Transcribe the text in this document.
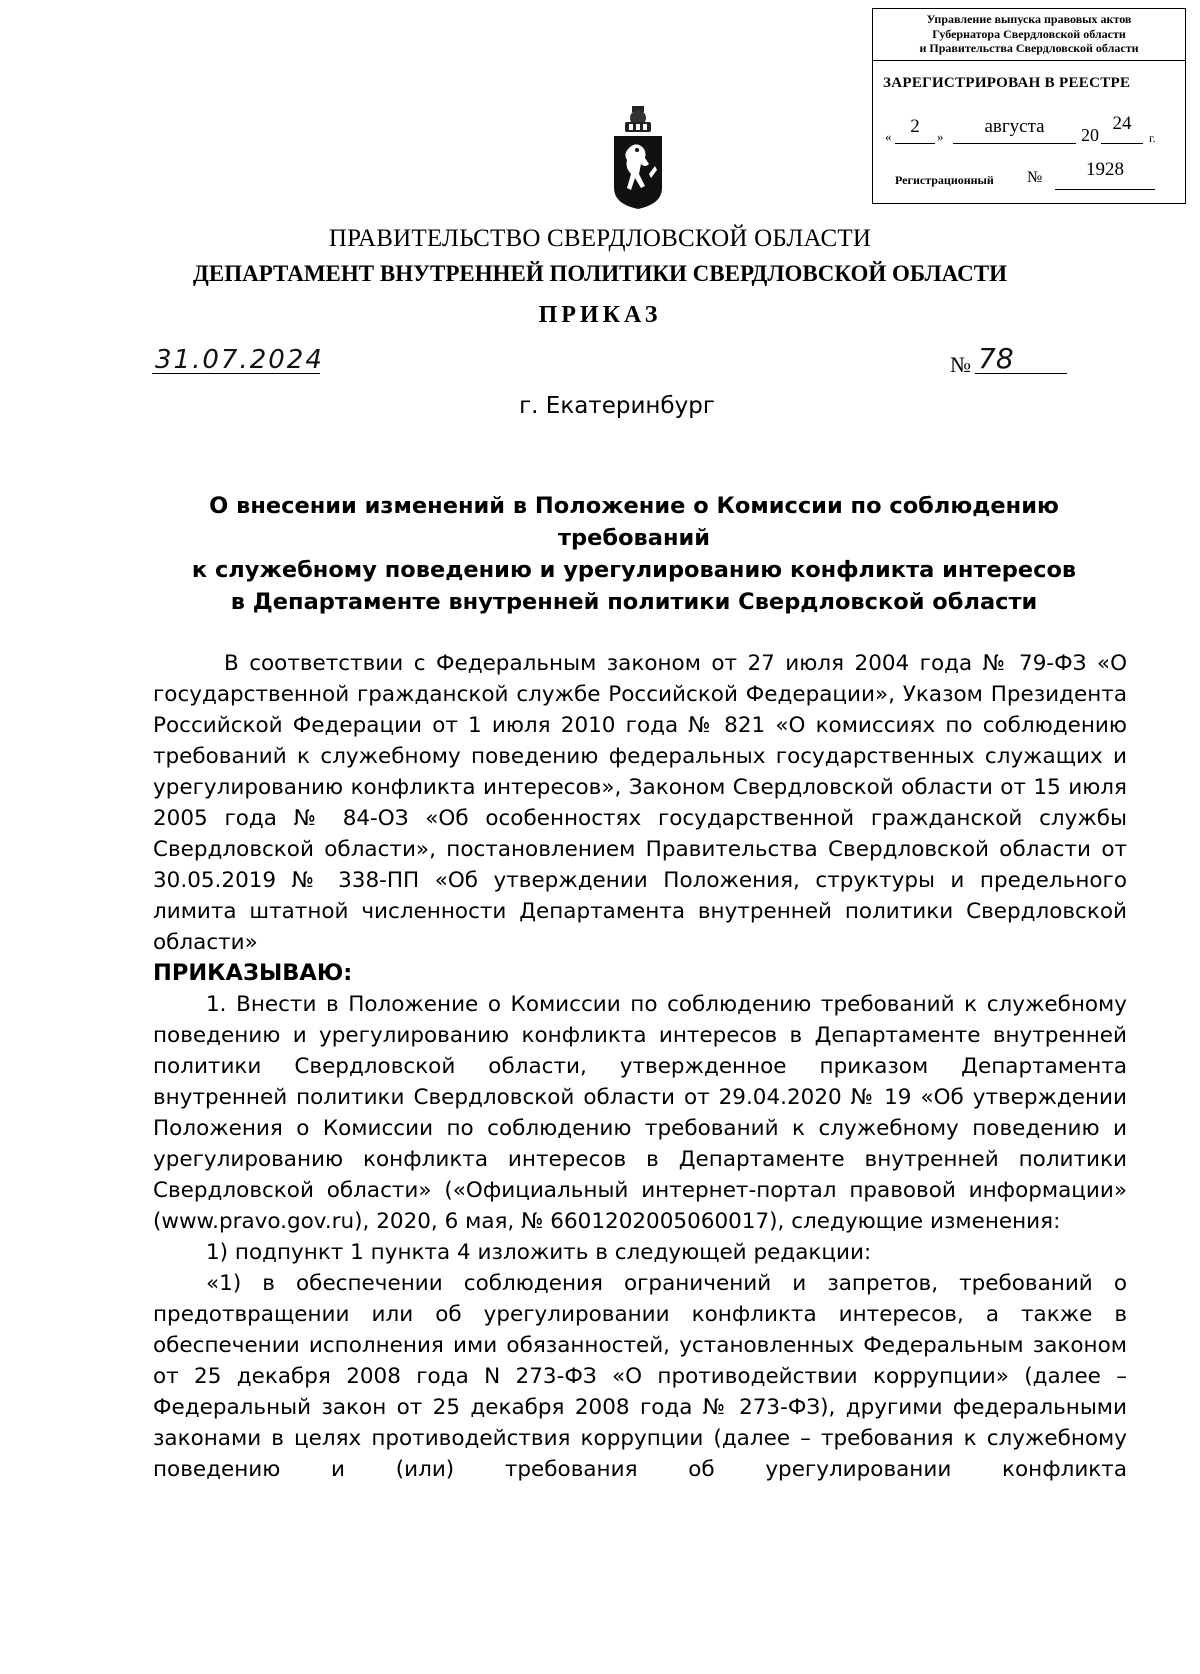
Управление выпуска правовых актов
Губернатора Свердловской области
и Правительства Свердловской области
ЗАРЕГИСТРИРОВАН В РЕЕСТРЕ
« 2	»	августа	20
24
г.
Регистрационный №	1928
ПРАВИТЕЛЬСТВО СВЕРДЛОВСКОЙ ОБЛАСТИ
ДЕПАРТАМЕНТ ВНУТРЕННЕЙ ПОЛИТИКИ СВЕРДЛОВСКОЙ ОБЛАСТИ
ПРИКАЗ
31.07.2024	№ 78
г. Екатеринбург
О внесении изменений в Положение о Комиссии по соблюдению требований
к служебному поведению и урегулированию конфликта интересов
в Департаменте внутренней политики Свердловской области

В соответствии с Федеральным законом от 27 июля 2004 года № 79-ФЗ «О государственной гражданской службе Российской Федерации», Указом Президента Российской Федерации от 1 июля 2010 года № 821 «О комиссиях по соблюдению требований к служебному поведению федеральных государственных служащих и урегулированию конфликта интересов», Законом Свердловской области от 15 июля 2005 года № 84-ОЗ «Об особенностях государственной гражданской службы Свердловской области», постановлением Правительства Свердловской области от 30.05.2019 № 338-ПП «Об утверждении Положения, структуры и предельного лимита штатной численности Департамента внутренней политики Свердловской области»

ПРИКАЗЫВАЮ:

1. Внести в Положение о Комиссии по соблюдению требований к служебному поведению и урегулированию конфликта интересов в Департаменте внутренней политики Свердловской области, утвержденное приказом Департамента внутренней политики Свердловской области от 29.04.2020 № 19 «Об утверждении Положения о Комиссии по соблюдению требований к служебному поведению и урегулированию конфликта интересов в Департаменте внутренней политики Свердловской области» («Официальный интернет-портал правовой информации» (www.pravo.gov.ru), 2020, 6 мая, № 6601202005060017), следующие изменения:

1) подпункт 1 пункта 4 изложить в следующей редакции:

«1) в обеспечении соблюдения ограничений и запретов, требований о предотвращении или об урегулировании конфликта интересов, а также в обеспечении исполнения ими обязанностей, установленных Федеральным законом от 25 декабря 2008 года N 273-ФЗ «О противодействии коррупции» (далее – Федеральный закон от 25 декабря 2008 года № 273-ФЗ), другими федеральными законами в целях противодействия коррупции (далее – требования к служебному поведению и (или) требования об урегулировании конфликта
